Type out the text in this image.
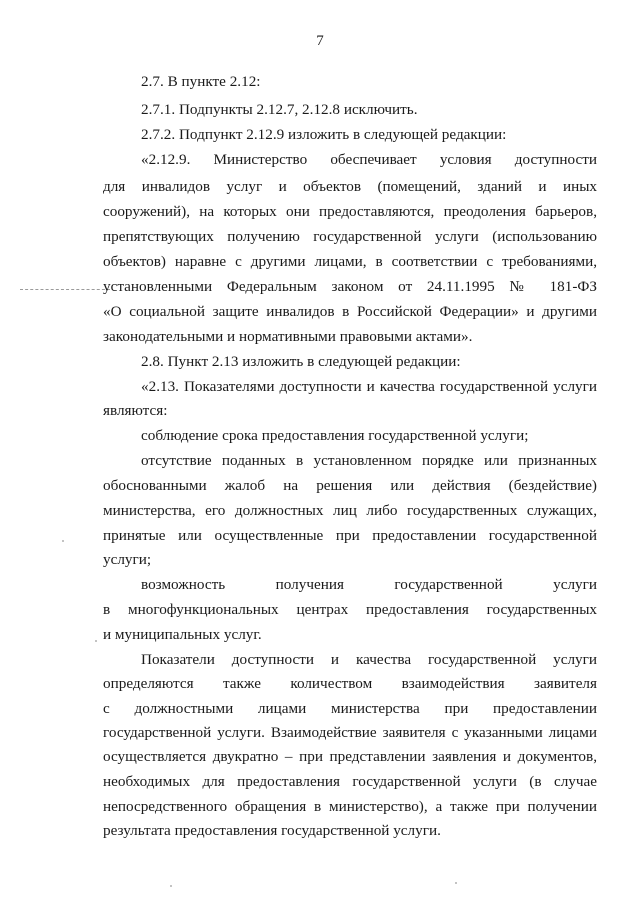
7
2.7. В пункте 2.12:
2.7.1. Подпункты 2.12.7, 2.12.8 исключить.
2.7.2. Подпункт 2.12.9 изложить в следующей редакции:
«2.12.9. Министерство обеспечивает условия доступности
для инвалидов услуг и объектов (помещений, зданий и иных
сооружений), на которых они предоставляются, преодоления барьеров,
препятствующих получению государственной услуги (использованию
объектов) наравне с другими лицами, в соответствии с требованиями,
установленными Федеральным законом от 24.11.1995 № 181-ФЗ
«О социальной защите инвалидов в Российской Федерации» и другими
законодательными и нормативными правовыми актами».
2.8. Пункт 2.13 изложить в следующей редакции:
«2.13. Показателями доступности и качества государственной услуги
являются:
соблюдение срока предоставления государственной услуги;
отсутствие поданных в установленном порядке или признанных
обоснованными жалоб на решения или действия (бездействие)
министерства, его должностных лиц либо государственных служащих,
принятые или осуществленные при предоставлении государственной
услуги;
возможность получения государственной услуги
в многофункциональных центрах предоставления государственных
и муниципальных услуг.
Показатели доступности и качества государственной услуги
определяются также количеством взаимодействия заявителя
с должностными лицами министерства при предоставлении
государственной услуги. Взаимодействие заявителя с указанными лицами
осуществляется двукратно – при представлении заявления и документов,
необходимых для предоставления государственной услуги (в случае
непосредственного обращения в министерство), а также при получении
результата предоставления государственной услуги.
